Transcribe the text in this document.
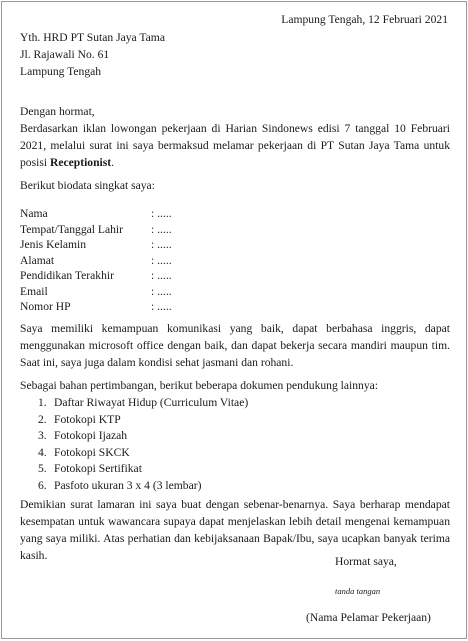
Lampung Tengah, 12 Februari 2021
Yth. HRD PT Sutan Jaya Tama
Jl. Rajawali No. 61
Lampung Tengah
Dengan hormat,
Berdasarkan iklan lowongan pekerjaan di Harian Sindonews edisi 7 tanggal 10 Februari 2021, melalui surat ini saya bermaksud melamar pekerjaan di PT Sutan Jaya Tama untuk posisi Receptionist.
Berikut biodata singkat saya:
Nama	: .....
Tempat/Tanggal Lahir : .....
Jenis Kelamin	: .....
Alamat	: .....
Pendidikan Terakhir	: .....
Email	: .....
Nomor HP	: .....
Saya memiliki kemampuan komunikasi yang baik, dapat berbahasa inggris, dapat menggunakan microsoft office dengan baik, dan dapat bekerja secara mandiri maupun tim. Saat ini, saya juga dalam kondisi sehat jasmani dan rohani.
Sebagai bahan pertimbangan, berikut beberapa dokumen pendukung lainnya:
1. Daftar Riwayat Hidup (Curriculum Vitae)
2. Fotokopi KTP
3. Fotokopi Ijazah
4. Fotokopi SKCK
5. Fotokopi Sertifikat
6. Pasfoto ukuran 3 x 4 (3 lembar)
Demikian surat lamaran ini saya buat dengan sebenar-benarnya. Saya berharap mendapat kesempatan untuk wawancara supaya dapat menjelaskan lebih detail mengenai kemampuan yang saya miliki. Atas perhatian dan kebijaksanaan Bapak/Ibu, saya ucapkan banyak terima kasih.	Hormat saya,
tanda tangan
(Nama Pelamar Pekerjaan)
